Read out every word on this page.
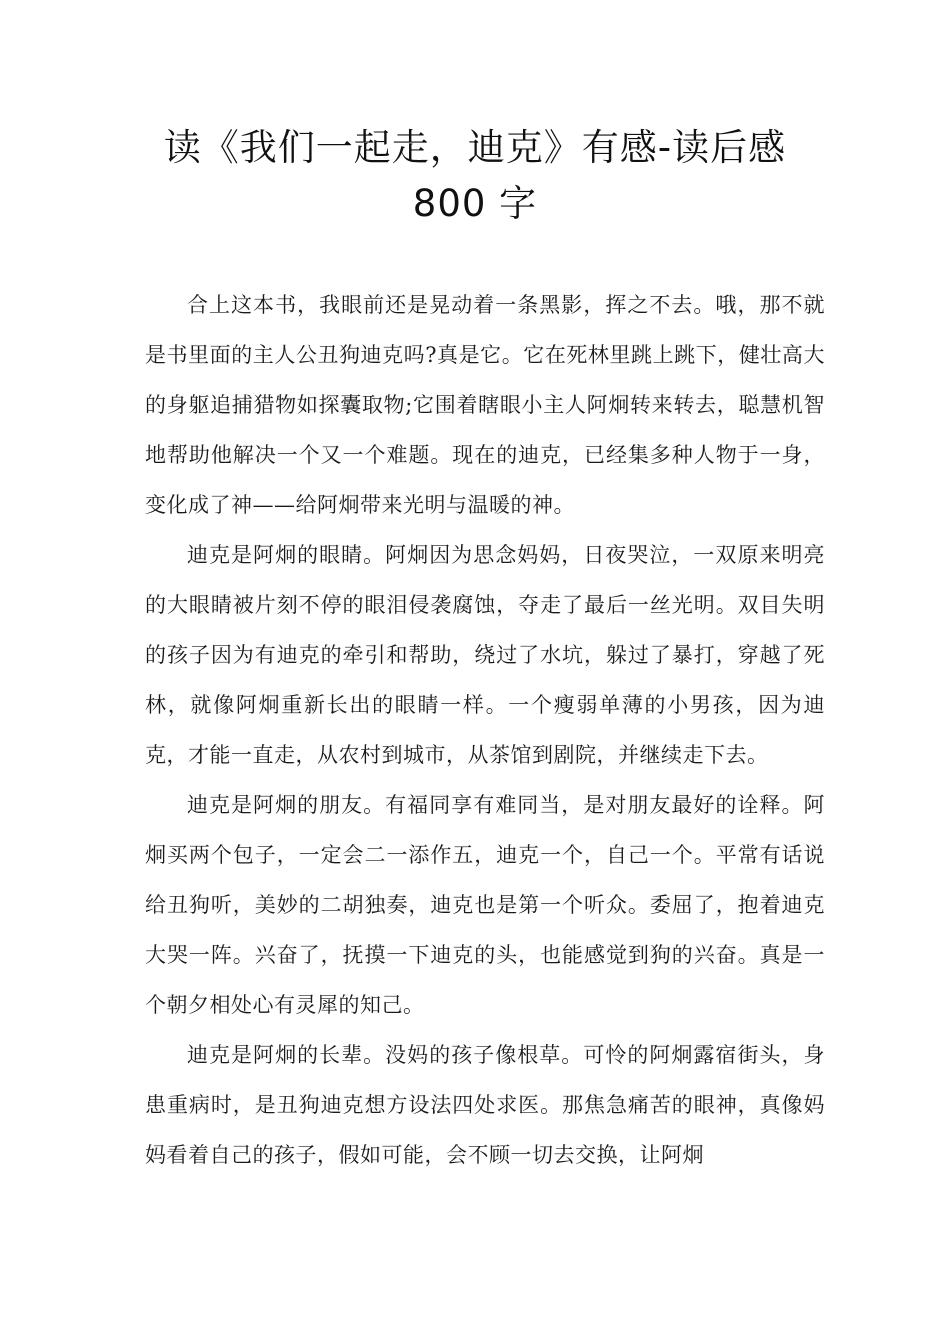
读《我们一起走，迪克》有感-读后感
800 字

合上这本书，我眼前还是晃动着一条黑影，挥之不去。哦，那不就是书里面的主人公丑狗迪克吗?真是它。它在死林里跳上跳下，健壮高大的身躯追捕猎物如探囊取物;它围着瞎眼小主人阿炯转来转去，聪慧机智地帮助他解决一个又一个难题。现在的迪克，已经集多种人物于一身，变化成了神——给阿炯带来光明与温暖的神。

迪克是阿炯的眼睛。阿炯因为思念妈妈，日夜哭泣，一双原来明亮的大眼睛被片刻不停的眼泪侵袭腐蚀，夺走了最后一丝光明。双目失明的孩子因为有迪克的牵引和帮助，绕过了水坑，躲过了暴打，穿越了死林，就像阿炯重新长出的眼睛一样。一个瘦弱单薄的小男孩，因为迪克，才能一直走，从农村到城市，从茶馆到剧院，并继续走下去。

迪克是阿炯的朋友。有福同享有难同当，是对朋友最好的诠释。阿炯买两个包子，一定会二一添作五，迪克一个，自己一个。平常有话说给丑狗听，美妙的二胡独奏，迪克也是第一个听众。委屈了，抱着迪克大哭一阵。兴奋了，抚摸一下迪克的头，也能感觉到狗的兴奋。真是一个朝夕相处心有灵犀的知己。

迪克是阿炯的长辈。没妈的孩子像根草。可怜的阿炯露宿街头，身患重病时，是丑狗迪克想方设法四处求医。那焦急痛苦的眼神，真像妈妈看着自己的孩子，假如可能，会不顾一切去交换，让阿炯
